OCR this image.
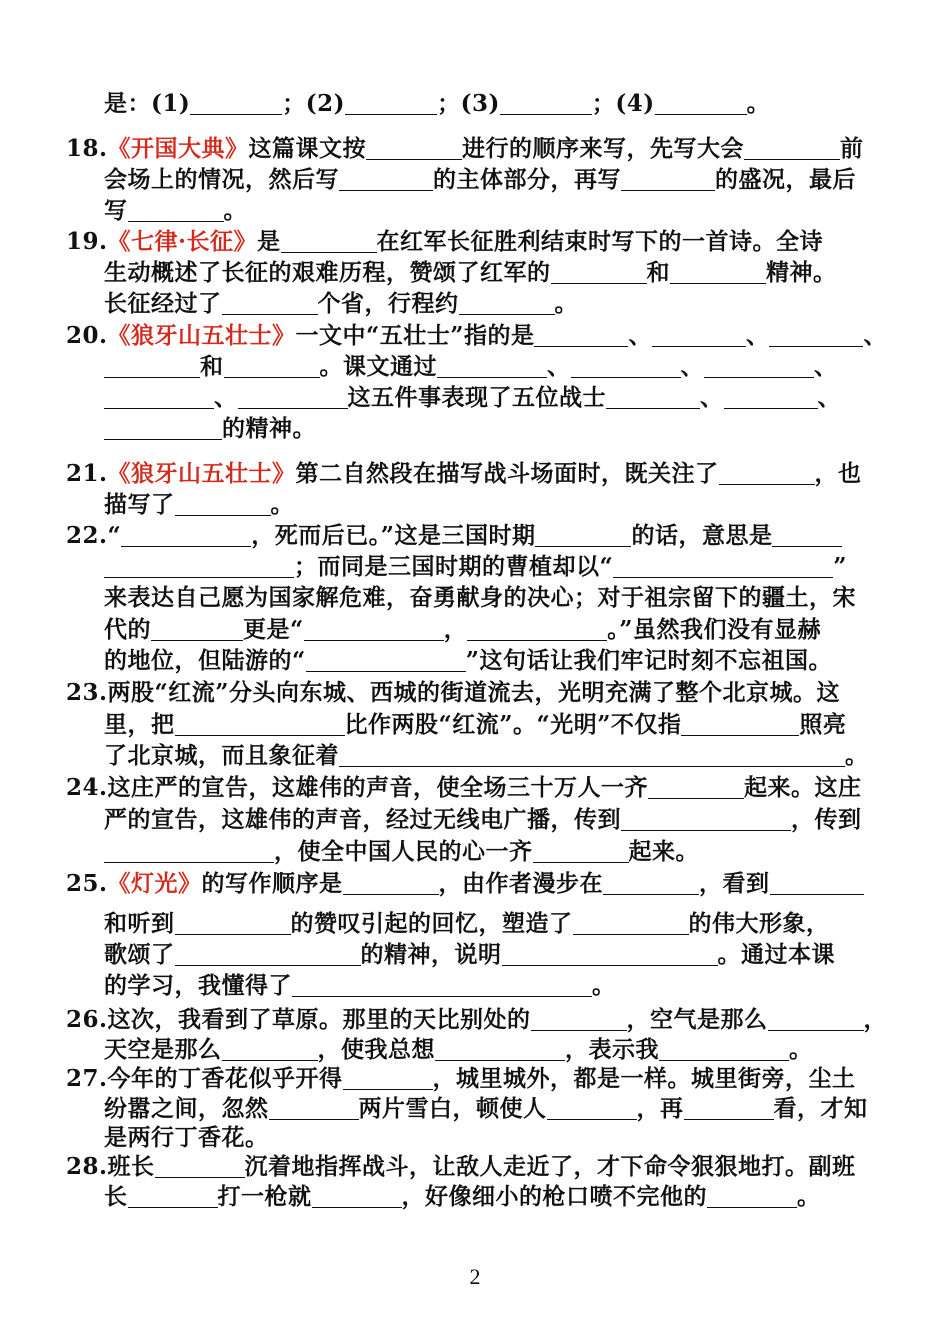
是：(1)	；(2)	；(3)	；(4)	。
18.《开国大典》这篇课文按	进行的顺序来写，先写大会	前
会场上的情况，然后写	的主体部分，再写	的盛况，最后
写	。
19.《七律·长征》是	在红军长征胜利结束时写下的一首诗。全诗
生动概述了长征的艰难历程，赞颂了红军的	和	精神。
长征经过了	个省，行程约	。
20.《狼牙山五壮士》一文中“五壮士”指的是	、	、	、
和	。课文通过	、	、	、
、	这五件事表现了五位战士	、	、
的精神。
21.《狼牙山五壮士》第二自然段在描写战斗场面时，既关注了	，也
描写了	。
22.“	，死而后已。”这是三国时期	的话，意思是
；而同是三国时期的曹植却以“	”
来表达自己愿为国家解危难，奋勇献身的决心；对于祖宗留下的疆土，宋
代的	更是“	，	。”虽然我们没有显赫
的地位，但陆游的“	”这句话让我们牢记时刻不忘祖国。
23.两股“红流”分头向东城、西城的街道流去，光明充满了整个北京城。这
里，把	比作两股“红流”。“光明”不仅指	照亮
了北京城，而且象征着	。
24.这庄严的宣告，这雄伟的声音，使全场三十万人一齐	起来。这庄
严的宣告，这雄伟的声音，经过无线电广播，传到	，传到
，使全中国人民的心一齐	起来。
25.《灯光》的写作顺序是	，由作者漫步在	，看到
和听到	的赞叹引起的回忆，塑造了	的伟大形象，
歌颂了	的精神，说明	。通过本课
的学习，我懂得了	。
26.这次，我看到了草原。那里的天比别处的	，空气是那么	，
天空是那么	，使我总想	，表示我	。
27.今年的丁香花似乎开得	，城里城外，都是一样。城里街旁，尘土
纷嚣之间，忽然	两片雪白，顿使人	，再	看，才知
是两行丁香花。
28.班长	沉着地指挥战斗，让敌人走近了，才下命令狠狠地打。副班
长	打一枪就	，好像细小的枪口喷不完他的	。
2
